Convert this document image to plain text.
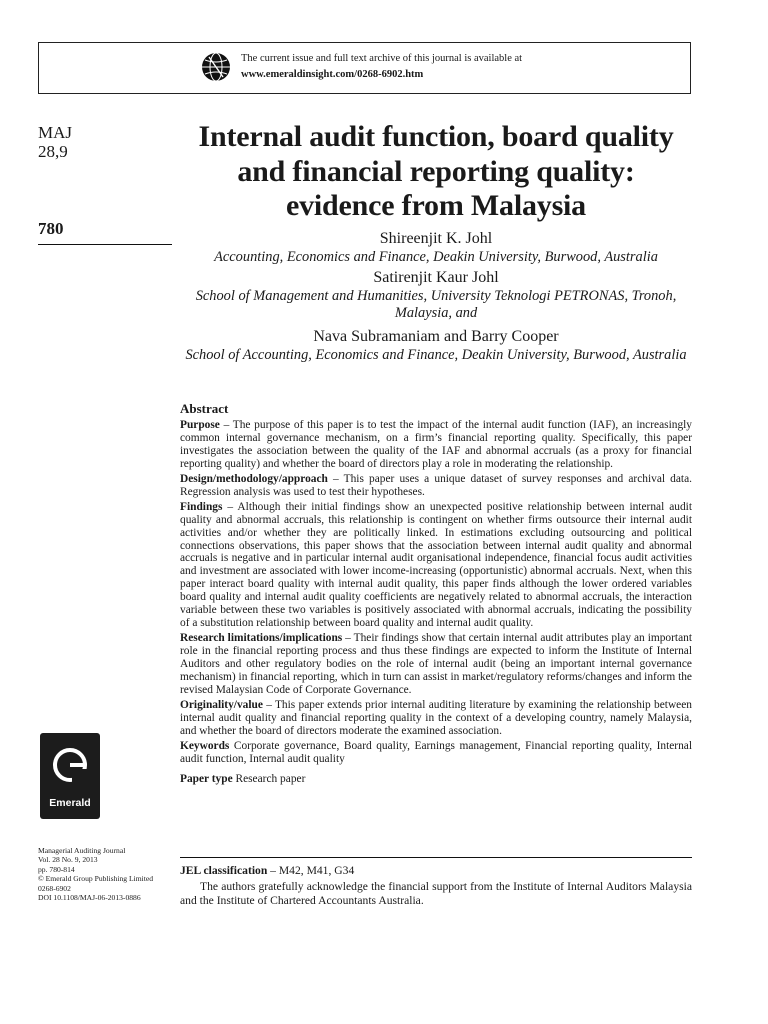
The current issue and full text archive of this journal is available at
www.emeraldinsight.com/0268-6902.htm
MAJ
28,9
780
Internal audit function, board quality and financial reporting quality: evidence from Malaysia
Shireenjit K. Johl
Accounting, Economics and Finance, Deakin University, Burwood, Australia
Satirenjit Kaur Johl
School of Management and Humanities, University Teknologi PETRONAS, Tronoh, Malaysia, and
Nava Subramaniam and Barry Cooper
School of Accounting, Economics and Finance, Deakin University, Burwood, Australia
Abstract

Purpose – The purpose of this paper is to test the impact of the internal audit function (IAF), an increasingly common internal governance mechanism, on a firm’s financial reporting quality. Specifically, this paper investigates the association between the quality of the IAF and abnormal accruals (as a proxy for financial reporting quality) and whether the board of directors play a role in moderating the relationship.

Design/methodology/approach – This paper uses a unique dataset of survey responses and archival data. Regression analysis was used to test their hypotheses.

Findings – Although their initial findings show an unexpected positive relationship between internal audit quality and abnormal accruals, this relationship is contingent on whether firms outsource their internal audit activities and/or whether they are politically linked. In estimations excluding outsourcing and political connections observations, this paper shows that the association between internal audit quality and abnormal accruals is negative and in particular internal audit organisational independence, financial focus audit activities and investment are associated with lower income-increasing (opportunistic) abnormal accruals. Next, when this paper interact board quality with internal audit quality, this paper finds although the lower ordered variables board quality and internal audit quality coefficients are negatively related to abnormal accruals, the interaction variable between these two variables is positively associated with abnormal accruals, indicating the possibility of a substitution relationship between board quality and internal audit quality.

Research limitations/implications – Their findings show that certain internal audit attributes play an important role in the financial reporting process and thus these findings are expected to inform the Institute of Internal Auditors and other regulatory bodies on the role of internal audit (being an important internal governance mechanism) in financial reporting, which in turn can assist in market/regulatory reforms/changes and inform the revised Malaysian Code of Corporate Governance.

Originality/value – This paper extends prior internal auditing literature by examining the relationship between internal audit quality and financial reporting quality in the context of a developing country, namely Malaysia, and whether the board of directors moderate the examined association.

Keywords Corporate governance, Board quality, Earnings management, Financial reporting quality, Internal audit function, Internal audit quality

Paper type Research paper

JEL classification – M42, M41, G34
The authors gratefully acknowledge the financial support from the Institute of Internal Auditors Malaysia and the Institute of Chartered Accountants Australia.
Emerald
Managerial Auditing Journal
Vol. 28 No. 9, 2013
pp. 780-814
© Emerald Group Publishing Limited
0268-6902
DOI 10.1108/MAJ-06-2013-0886
